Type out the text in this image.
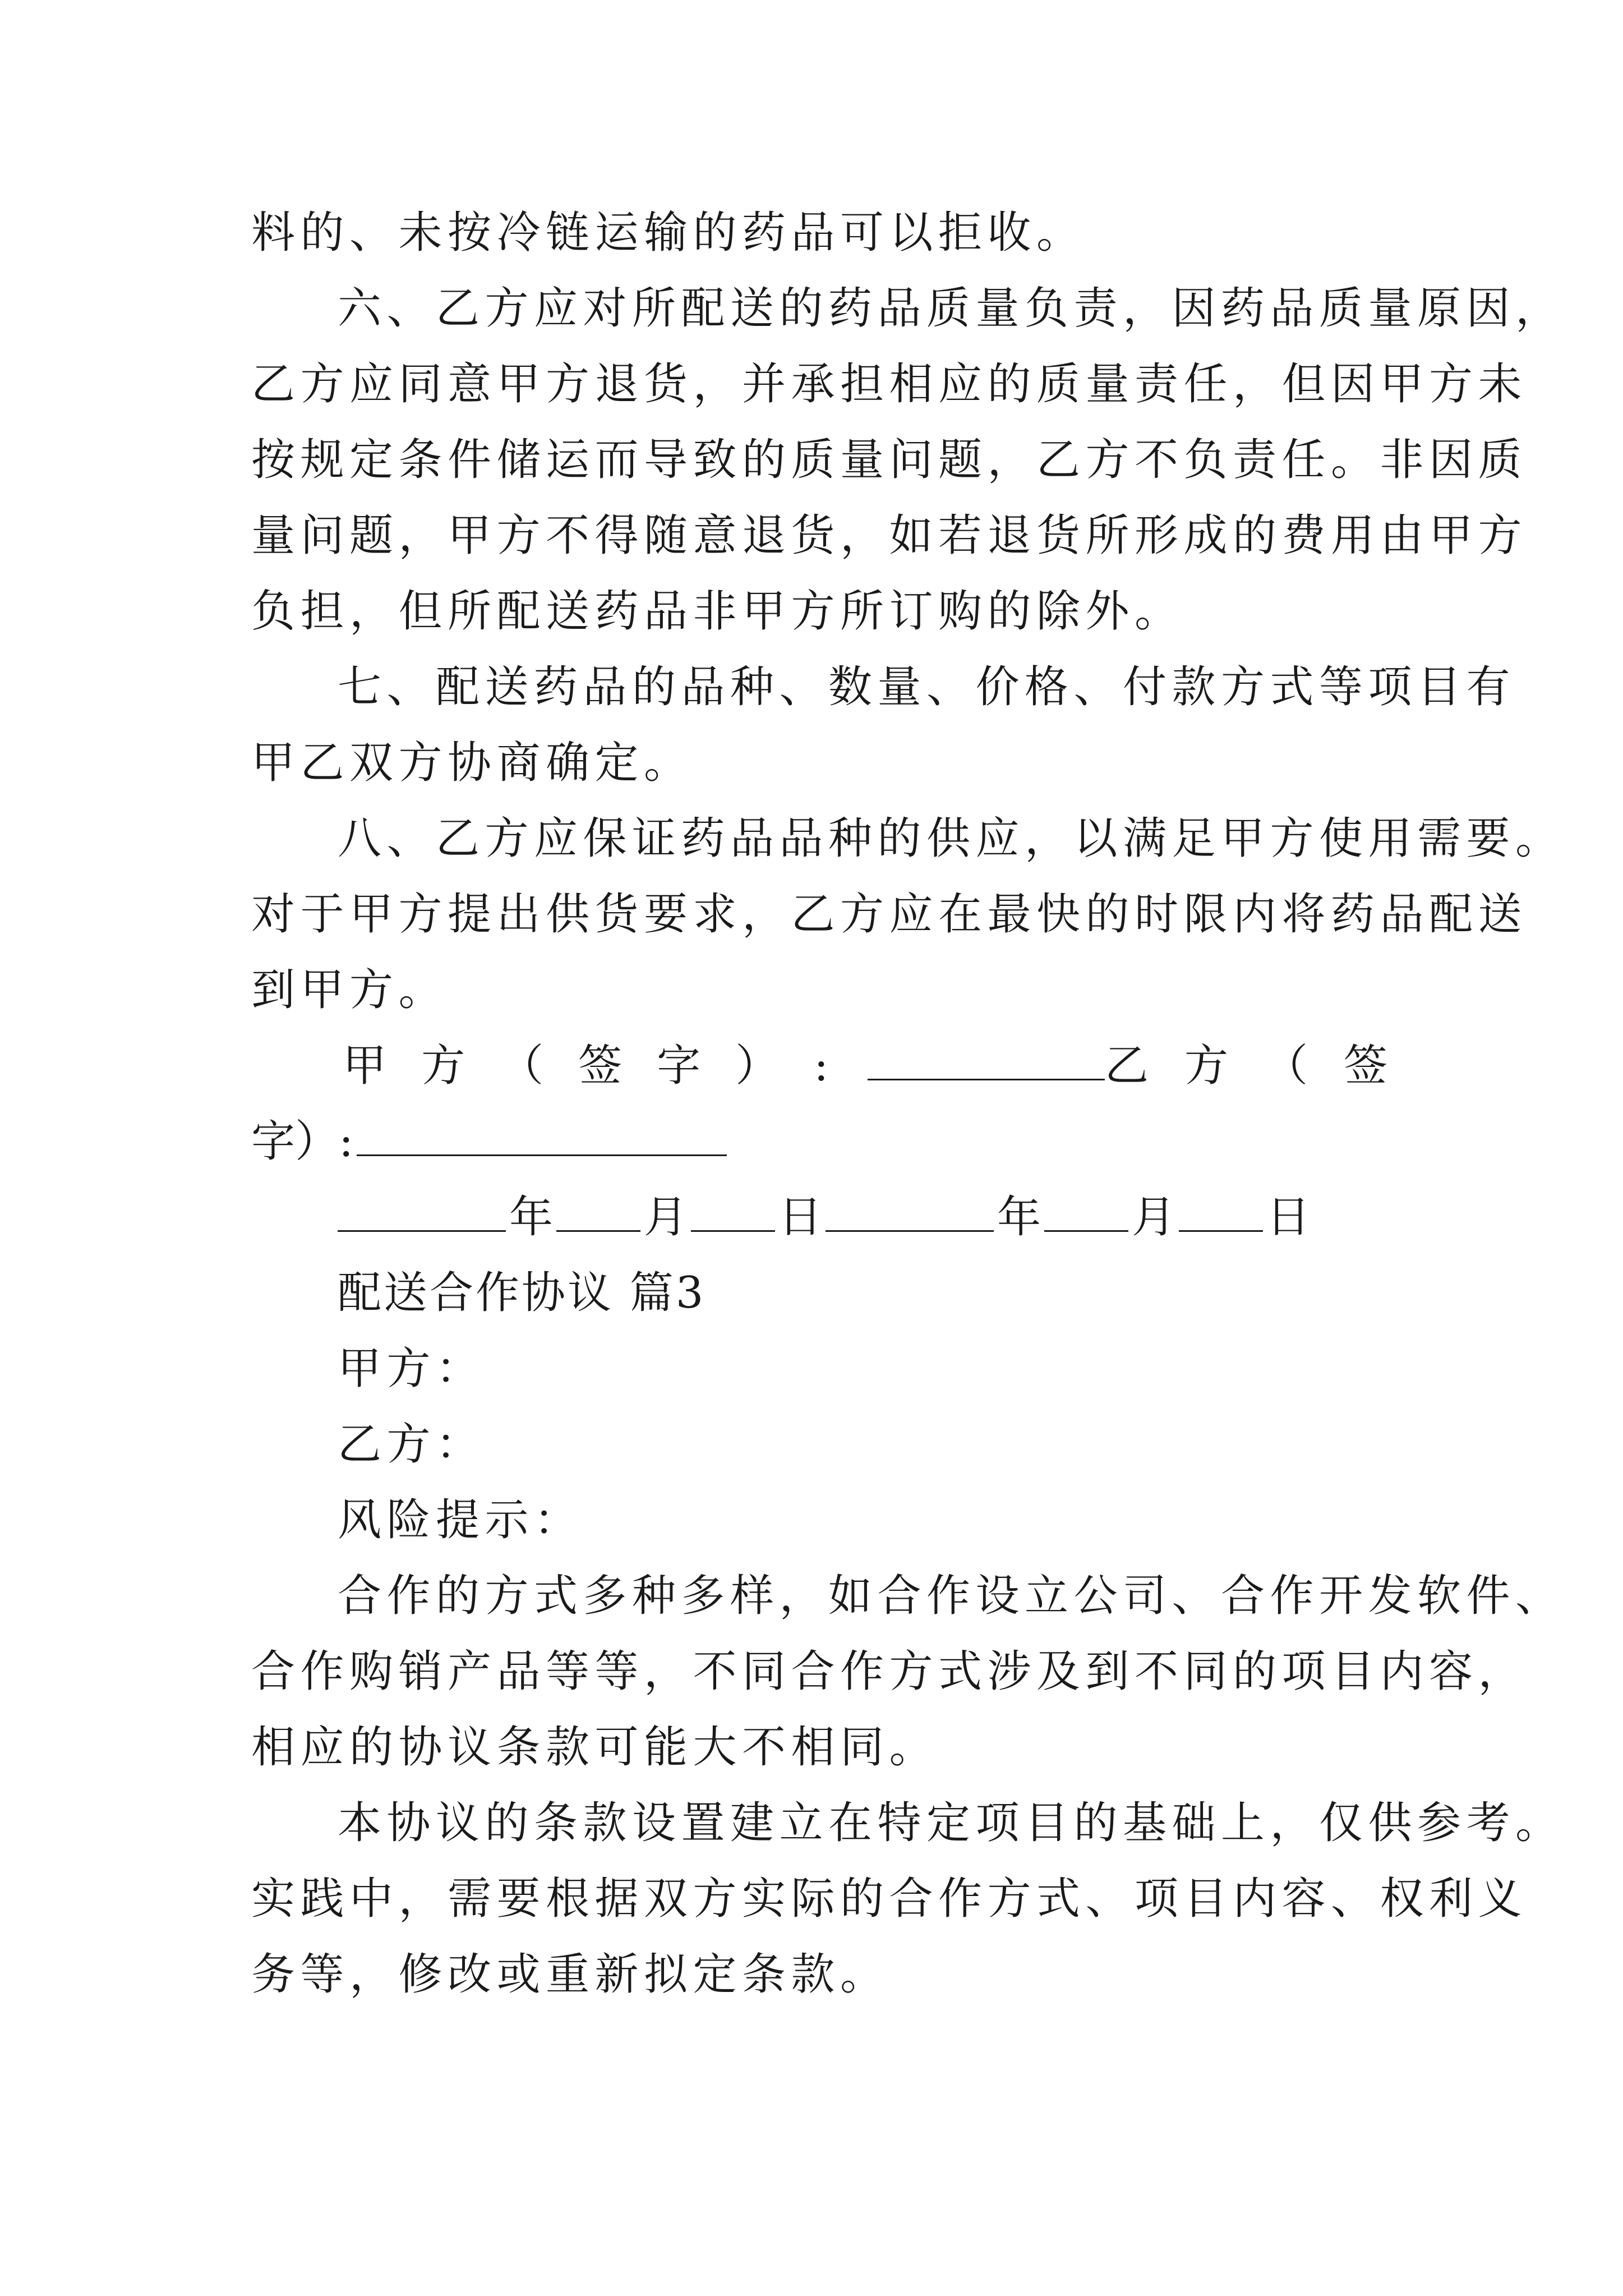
料的、未按冷链运输的药品可以拒收。
六、乙方应对所配送的药品质量负责，因药品质量原因，
乙方应同意甲方退货，并承担相应的质量责任，但因甲方未
按规定条件储运而导致的质量问题，乙方不负责任。非因质
量问题，甲方不得随意退货，如若退货所形成的费用由甲方
负担，但所配送药品非甲方所订购的除外。
七、配送药品的品种、数量、价格、付款方式等项目有
甲乙双方协商确定。
八、乙方应保证药品品种的供应，以满足甲方使用需要。
对于甲方提出供货要求，乙方应在最快的时限内将药品配送
到甲方。
甲方（签字）:	乙方（签
字）:
年 月 日	年 月 日
配送合作协议 篇3
甲方：
乙方：
风险提示：
合作的方式多种多样，如合作设立公司、合作开发软件、
合作购销产品等等，不同合作方式涉及到不同的项目内容，
相应的协议条款可能大不相同。
本协议的条款设置建立在特定项目的基础上，仅供参考。
实践中，需要根据双方实际的合作方式、项目内容、权利义
务等，修改或重新拟定条款。
